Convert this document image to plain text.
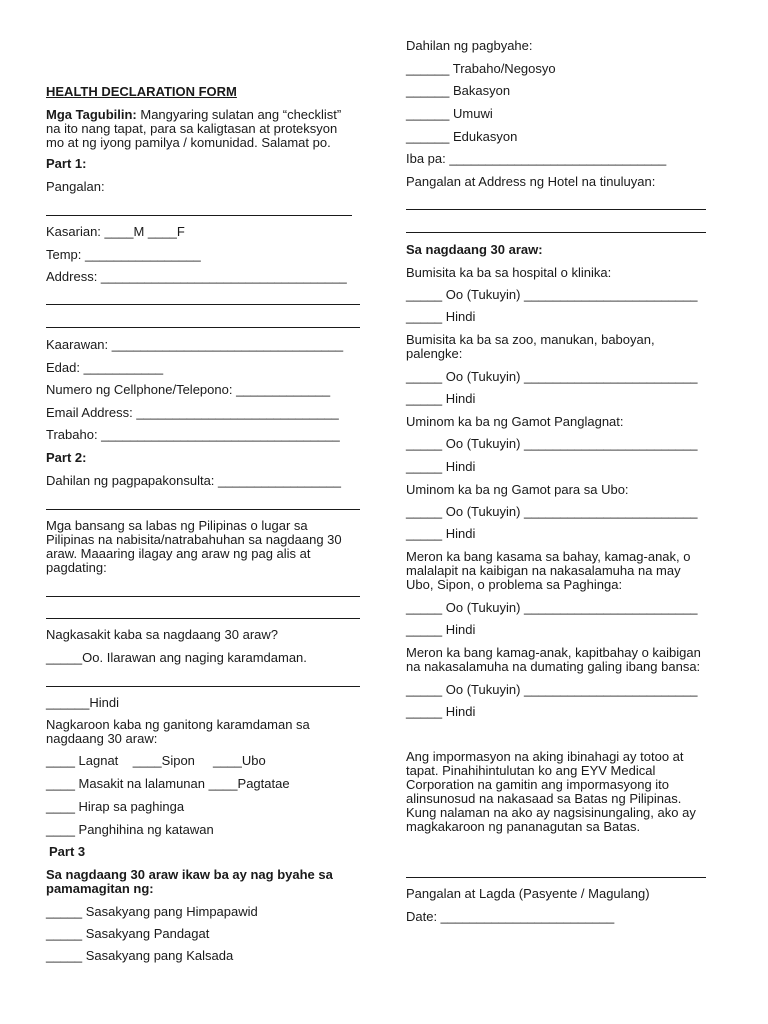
HEALTH DECLARATION FORM
Mga Tagubilin: Mangyaring sulatan ang “checklist”
na ito nang tapat, para sa kaligtasan at proteksyon
mo at ng iyong pamilya / komunidad. Salamat po.
Part 1:
Pangalan:
Kasarian: ____M ____F
Temp: ________________
Address: __________________________________
Kaarawan: ________________________________
Edad: ___________
Numero ng Cellphone/Telepono: _____________
Email Address: ____________________________
Trabaho: _________________________________
Part 2:
Dahilan ng pagpapakonsulta: _________________
Mga bansang sa labas ng Pilipinas o lugar sa
Pilipinas na nabisita/natrabahuhan sa nagdaang 30
araw. Maaaring ilagay ang araw ng pag alis at
pagdating:
Nagkasakit kaba sa nagdaang 30 araw?
_____Oo. Ilarawan ang naging karamdaman.
______Hindi
Nagkaroon kaba ng ganitong karamdaman sa
nagdaang 30 araw:
____ Lagnat    ____Sipon     ____Ubo
____ Masakit na lalamunan ____Pagtatae
____ Hirap sa paghinga
____ Panghihina ng katawan
Part 3
Sa nagdaang 30 araw ikaw ba ay nag byahe sa
pamamagitan ng:
_____ Sasakyang pang Himpapawid
_____ Sasakyang Pandagat
_____ Sasakyang pang Kalsada
Dahilan ng pagbyahe:
______ Trabaho/Negosyo
______ Bakasyon
______ Umuwi
______ Edukasyon
Iba pa: ______________________________
Pangalan at Address ng Hotel na tinuluyan:
Sa nagdaang 30 araw:
Bumisita ka ba sa hospital o klinika:
_____ Oo (Tukuyin) ________________________
_____ Hindi
Bumisita ka ba sa zoo, manukan, baboyan,
palengke:
_____ Oo (Tukuyin) ________________________
_____ Hindi
Uminom ka ba ng Gamot Panglagnat:
_____ Oo (Tukuyin) ________________________
_____ Hindi
Uminom ka ba ng Gamot para sa Ubo:
_____ Oo (Tukuyin) ________________________
_____ Hindi
Meron ka bang kasama sa bahay, kamag-anak, o
malalapit na kaibigan na nakasalamuha na may
Ubo, Sipon, o problema sa Paghinga:
_____ Oo (Tukuyin) ________________________
_____ Hindi
Meron ka bang kamag-anak, kapitbahay o kaibigan
na nakasalamuha na dumating galing ibang bansa:
_____ Oo (Tukuyin) ________________________
_____ Hindi
Ang impormasyon na aking ibinahagi ay totoo at
tapat. Pinahihintulutan ko ang EYV Medical
Corporation na gamitin ang impormasyong ito
alinsunosud na nakasaad sa Batas ng Pilipinas.
Kung nalaman na ako ay nagsisinungaling, ako ay
magkakaroon ng pananagutan sa Batas.
Pangalan at Lagda (Pasyente / Magulang)
Date: ________________________
